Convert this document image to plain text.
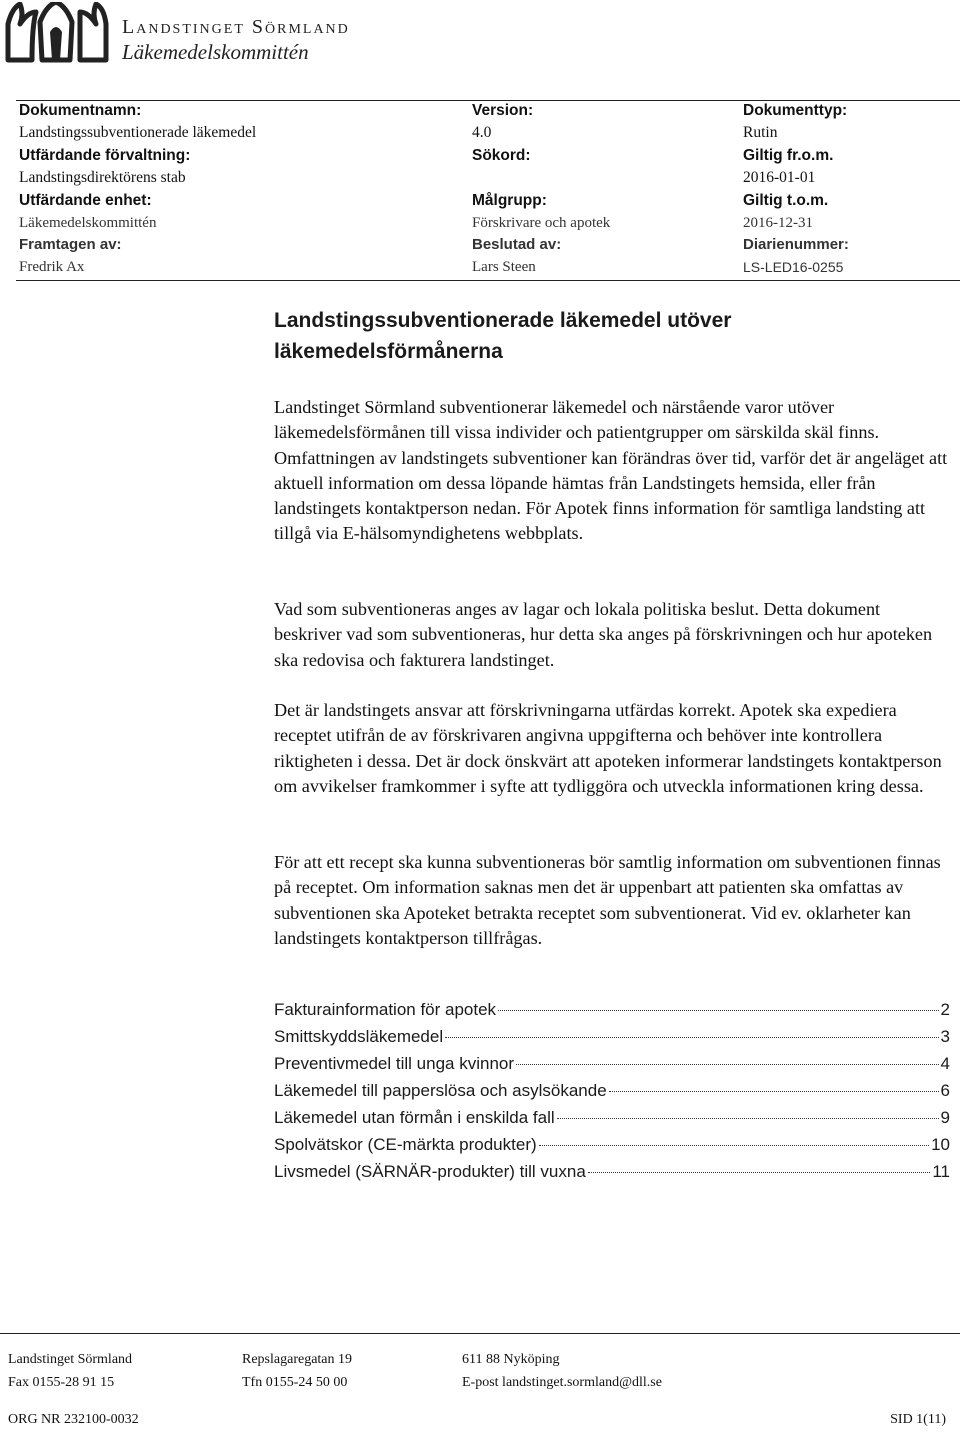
Landstinget Sörmland
Läkemedelskommittén
Dokumentnamn:	Version:	Dokumenttyp:
Landstingssubventionerade läkemedel	4.0	Rutin
Utfärdande förvaltning:	Sökord:	Giltig fr.o.m.
Landstingsdirektörens stab		2016-01-01
Utfärdande enhet:	Målgrupp:	Giltig t.o.m.
Läkemedelskommittén	Förskrivare och apotek	2016-12-31
Framtagen av:	Beslutad av:	Diarienummer:
Fredrik Ax	Lars Steen	LS-LED16-0255
Landstingssubventionerade läkemedel utöver läkemedelsförmånerna

Landstinget Sörmland subventionerar läkemedel och närstående varor utöver läkemedelsförmånen till vissa individer och patientgrupper om särskilda skäl finns. Omfattningen av landstingets subventioner kan förändras över tid, varför det är angeläget att aktuell information om dessa löpande hämtas från Landstingets hemsida, eller från landstingets kontaktperson nedan. För Apotek finns information för samtliga landsting att tillgå via E-hälsomyndighetens webbplats.

Vad som subventioneras anges av lagar och lokala politiska beslut. Detta dokument beskriver vad som subventioneras, hur detta ska anges på förskrivningen och hur apoteken ska redovisa och fakturera landstinget.

Det är landstingets ansvar att förskrivningarna utfärdas korrekt. Apotek ska expediera receptet utifrån de av förskrivaren angivna uppgifterna och behöver inte kontrollera riktigheten i dessa. Det är dock önskvärt att apoteken informerar landstingets kontaktperson om avvikelser framkommer i syfte att tydliggöra och utveckla informationen kring dessa.

För att ett recept ska kunna subventioneras bör samtlig information om subventionen finnas på receptet. Om information saknas men det är uppenbart att patienten ska omfattas av subventionen ska Apoteket betrakta receptet som subventionerat. Vid ev. oklarheter kan landstingets kontaktperson tillfrågas.

Fakturainformation för apotek	2
Smittskyddsläkemedel	3
Preventivmedel till unga kvinnor	4
Läkemedel till papperslösa och asylsökande	6
Läkemedel utan förmån i enskilda fall	9
Spolvätskor (CE-märkta produkter)	10
Livsmedel (SÄRNÄR-produkter) till vuxna	11
Landstinget Sörmland	Repslagaregatan 19	611 88 Nyköping
Fax 0155-28 91 15	Tfn 0155-24 50 00	E-post landstinget.sormland@dll.se
ORG NR 232100-0032	SID 1(11)
